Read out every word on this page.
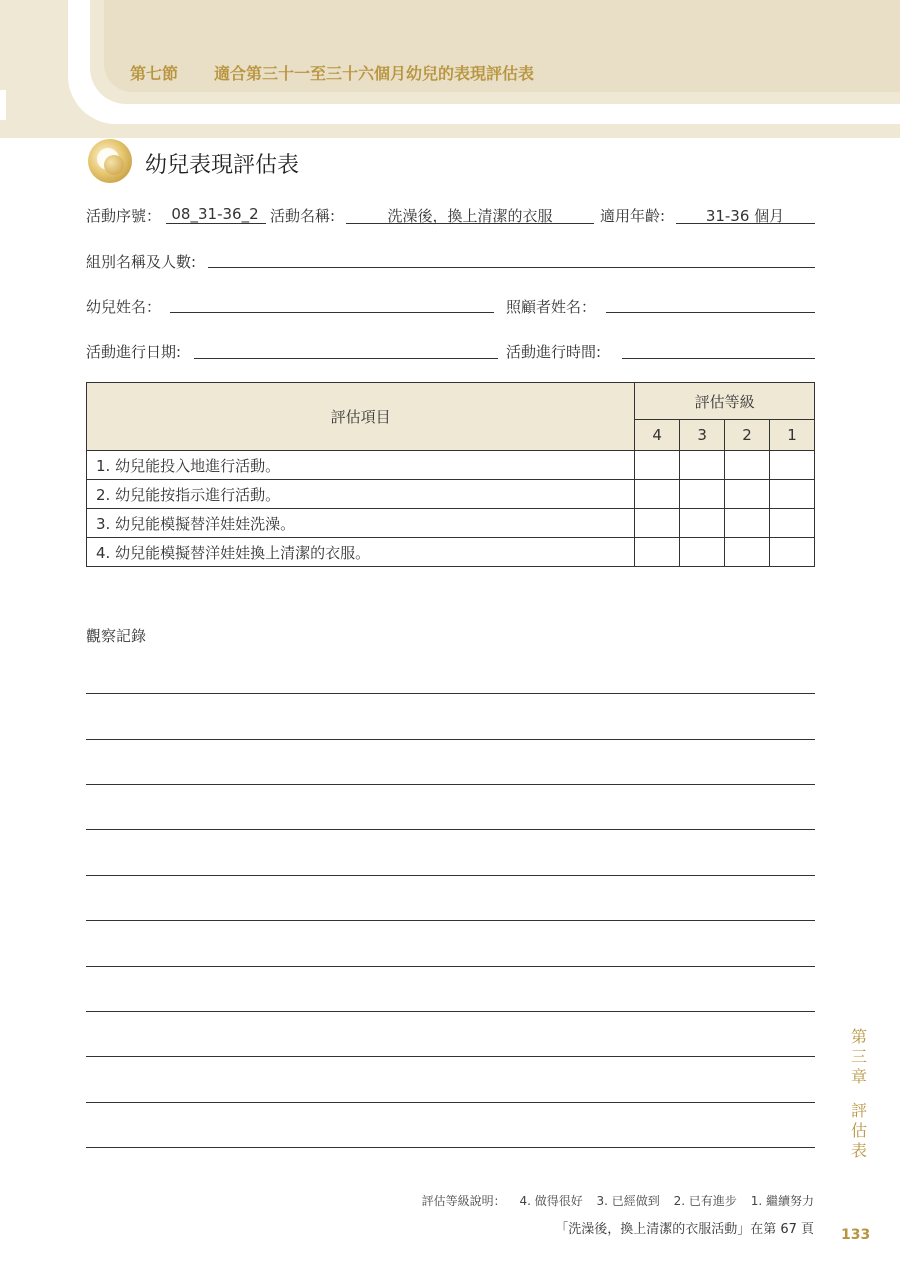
第七節 適合第三十一至三十六個月幼兒的表現評估表
幼兒表現評估表
活動序號： 08_31-36_2 活動名稱:	洗澡後，換上清潔的衣服	適用年齡:	31-36 個月
組別名稱及人數:
幼兒姓名：	照顧者姓名：
活動進行日期:	活動進行時間:
評估項目	評估等級			
	4	3	2	1
1. 幼兒能投入地進行活動。				
2. 幼兒能按指示進行活動。				
3. 幼兒能模擬替洋娃娃洗澡。				
4. 幼兒能模擬替洋娃娃換上清潔的衣服。				
觀察記錄
第
三
章
評
估
表
評估等級說明： 4. 做得很好 3. 已經做到 2. 已有進步 1. 繼續努力
「洗澡後，換上清潔的衣服活動」在第 67 頁 133
